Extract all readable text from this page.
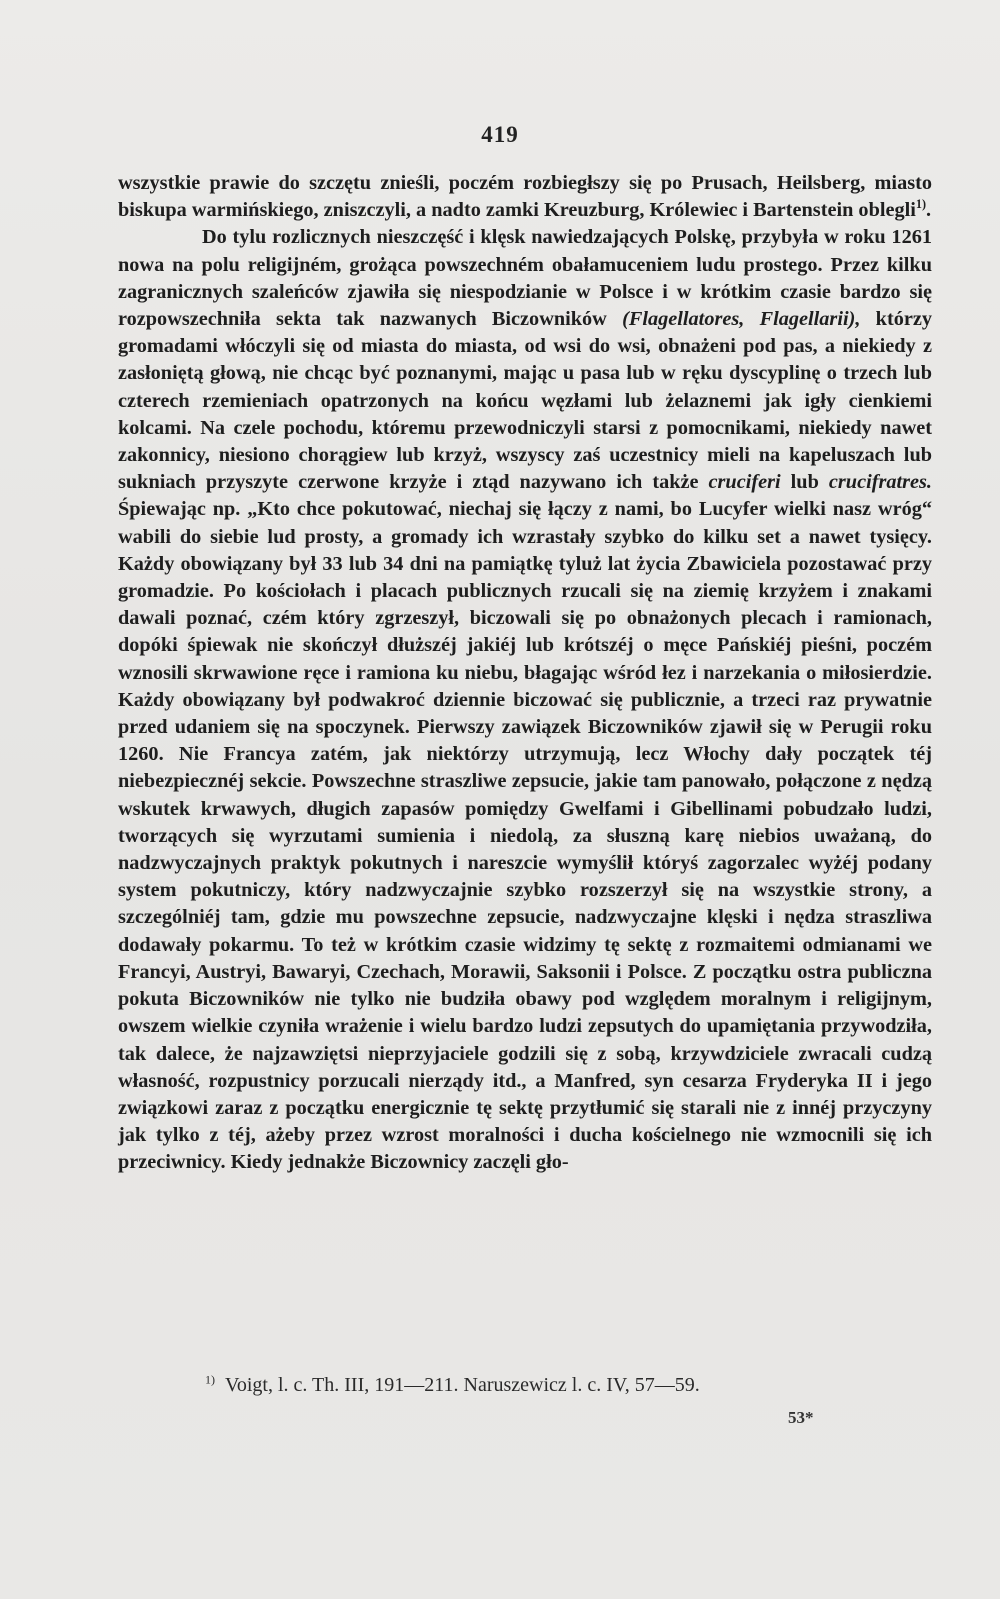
419

wszystkie prawie do szczętu znieśli, poczém rozbiegłszy się po Prusach, Heilsberg, miasto biskupa warmińskiego, zniszczyli, a nadto zamki Kreuzburg, Królewiec i Bartenstein oblegli$^{1)}$.

Do tylu rozlicznych nieszczęść i klęsk nawiedzających Polskę, przybyła w roku 1261 nowa na polu religijném, grożąca powszechném obałamuceniem ludu prostego. Przez kilku zagranicznych szaleńców zjawiła się niespodzianie w Polsce i w krótkim czasie bardzo się rozpowszechniła sekta tak nazwanych Biczowników (Flagellatores, Flagellarii), którzy gromadami włóczyli się od miasta do miasta, od wsi do wsi, obnażeni pod pas, a niekiedy z zasłoniętą głową, nie chcąc być poznanymi, mając u pasa lub w ręku dyscyplinę o trzech lub czterech rzemieniach opatrzonych na końcu węzłami lub żelaznemi jak igły cienkiemi kolcami. Na czele pochodu, któremu przewodniczyli starsi z pomocnikami, niekiedy nawet zakonnicy, niesiono chorągiew lub krzyż, wszyscy zaś uczestnicy mieli na kapeluszach lub sukniach przyszyte czerwone krzyże i ztąd nazywano ich także cruciferi lub crucifratres. Śpiewając np. „Kto chce pokutować, niechaj się łączy z nami, bo Lucyfer wielki nasz wróg“ wabili do siebie lud prosty, a gromady ich wzrastały szybko do kilku set a nawet tysięcy. Każdy obowiązany był 33 lub 34 dni na pamiątkę tyluż lat życia Zbawiciela pozostawać przy gromadzie. Po kościołach i placach publicznych rzucali się na ziemię krzyżem i znakami dawali poznać, czém który zgrzeszył, biczowali się po obnażonych plecach i ramionach, dopóki śpiewak nie skończył dłuższéj jakiéj lub krótszéj o męce Pańskiéj pieśni, poczém wznosili skrwawione ręce i ramiona ku niebu, błagając wśród łez i narzekania o miłosierdzie. Każdy obowiązany był podwakroć dziennie biczować się publicznie, a trzeci raz prywatnie przed udaniem się na spoczynek. Pierwszy zawiązek Biczowników zjawił się w Perugii roku 1260. Nie Francya zatém, jak niektórzy utrzymują, lecz Włochy dały początek téj niebezpiecznéj sekcie. Powszechne straszliwe zepsucie, jakie tam panowało, połączone z nędzą wskutek krwawych, długich zapasów pomiędzy Gwelfami i Gibellinami pobudzało ludzi, tworzących się wyrzutami sumienia i niedolą, za słuszną karę niebios uważaną, do nadzwyczajnych praktyk pokutnych i nareszcie wymyślił któryś zagorzalec wyżéj podany system pokutniczy, który nadzwyczajnie szybko rozszerzył się na wszystkie strony, a szczególniéj tam, gdzie mu powszechne zepsucie, nadzwyczajne klęski i nędza straszliwa dodawały pokarmu. To też w krótkim czasie widzimy tę sektę z rozmaitemi odmianami we Francyi, Austryi, Bawaryi, Czechach, Morawii, Saksonii i Polsce. Z początku ostra publiczna pokuta Biczowników nie tylko nie budziła obawy pod względem moralnym i religijnym, owszem wielkie czyniła wrażenie i wielu bardzo ludzi zepsutych do upamiętania przywodziła, tak dalece, że najzawziętsi nieprzyjaciele godzili się z sobą, krzywdziciele zwracali cudzą własność, rozpustnicy porzucali nierządy itd., a Manfred, syn cesarza Fryderyka II i jego związkowi zaraz z początku energicznie tę sektę przytłumić się starali nie z innéj przyczyny jak tylko z téj, ażeby przez wzrost moralności i ducha kościelnego nie wzmocnili się ich przeciwnicy. Kiedy jednakże Biczownicy zaczęli gło-

$^{1)}$ Voigt, l. c. Th. III, 191—211. Naruszewicz l. c. IV, 57—59.
53*
